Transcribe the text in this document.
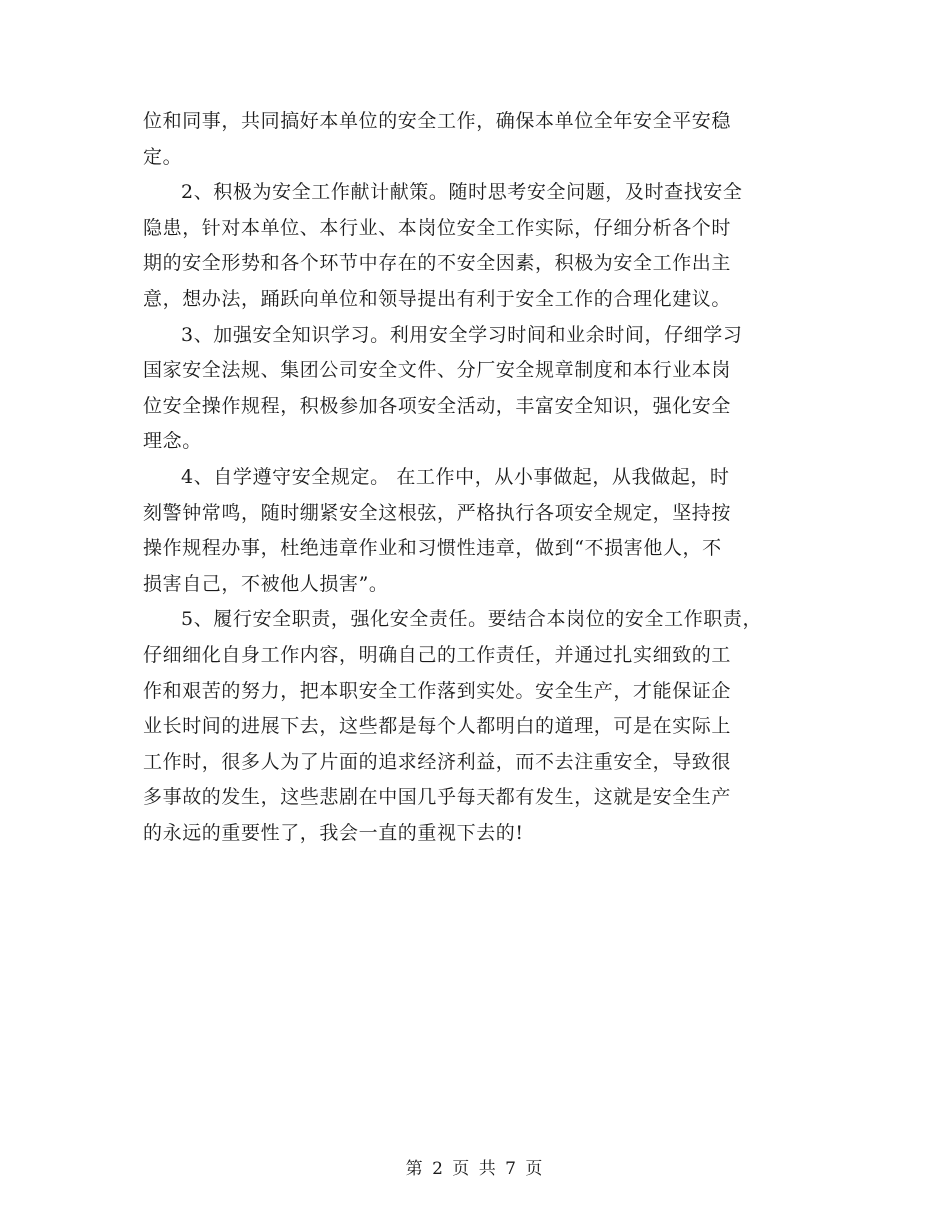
位和同事，共同搞好本单位的安全工作，确保本单位全年安全平安稳
定。
2、积极为安全工作献计献策。随时思考安全问题，及时查找安全
隐患，针对本单位、本行业、本岗位安全工作实际，仔细分析各个时
期的安全形势和各个环节中存在的不安全因素，积极为安全工作出主
意，想办法，踊跃向单位和领导提出有利于安全工作的合理化建议。
3、加强安全知识学习。利用安全学习时间和业余时间，仔细学习
国家安全法规、集团公司安全文件、分厂安全规章制度和本行业本岗
位安全操作规程，积极参加各项安全活动，丰富安全知识，强化安全
理念。
4、自学遵守安全规定。 在工作中，从小事做起，从我做起，时
刻警钟常鸣，随时绷紧安全这根弦，严格执行各项安全规定，坚持按
操作规程办事，杜绝违章作业和习惯性违章，做到“不损害他人，不
损害自己，不被他人损害”。
5、履行安全职责，强化安全责任。要结合本岗位的安全工作职责，
仔细细化自身工作内容，明确自己的工作责任，并通过扎实细致的工
作和艰苦的努力，把本职安全工作落到实处。安全生产，才能保证企
业长时间的进展下去，这些都是每个人都明白的道理，可是在实际上
工作时，很多人为了片面的追求经济利益，而不去注重安全，导致很
多事故的发生，这些悲剧在中国几乎每天都有发生，这就是安全生产
的永远的重要性了，我会一直的重视下去的!
第 2 页 共 7 页
